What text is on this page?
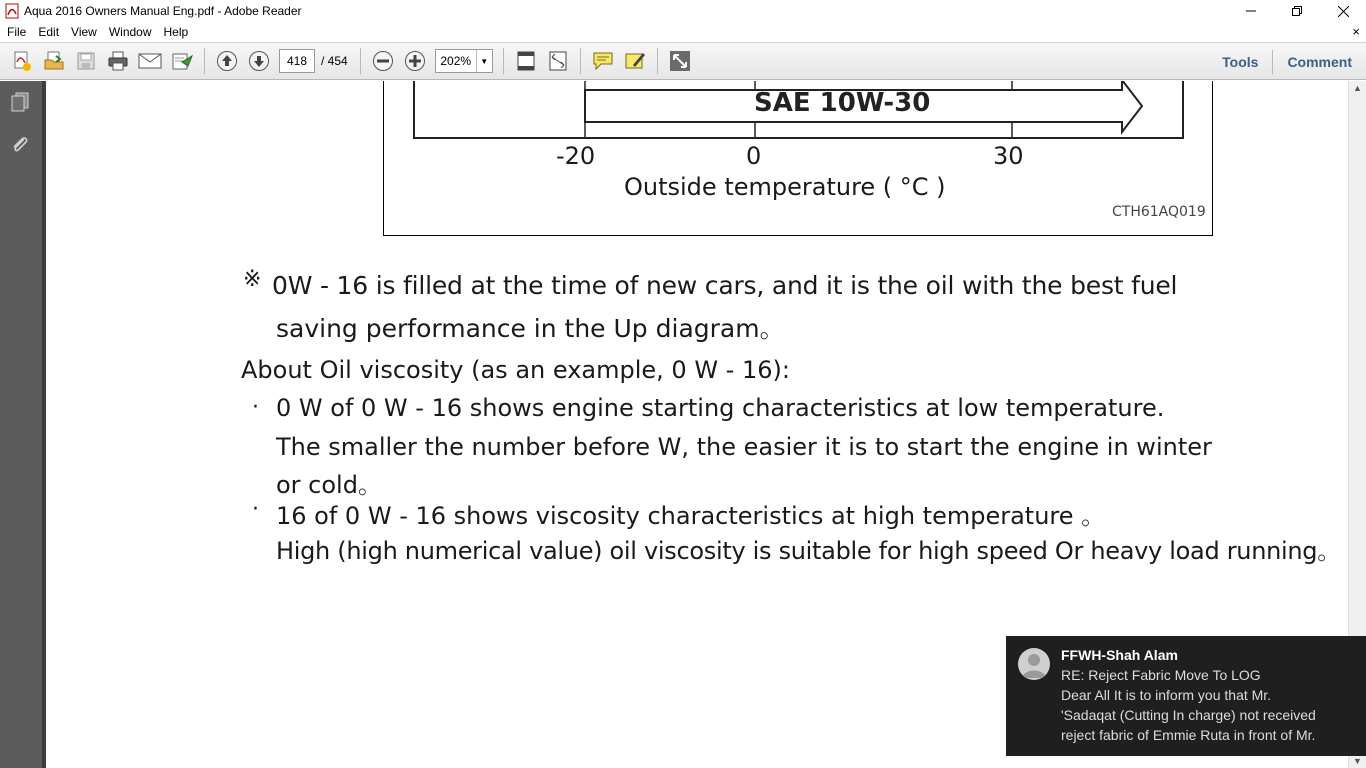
Aqua 2016 Owners Manual Eng.pdf - Adobe Reader
File	Edit	View	Window	Help	×
418	/ 454	202%	▼	Tools	Comment
SAE 10W-30
-20	0	30
Outside temperature ( °C )
CTH61AQ019
※ 0W - 16 is filled at the time of new cars, and it is the oil with the best fuel
saving performance in the Up diagram。
About Oil viscosity (as an example, 0 W - 16):
· 0 W of 0 W - 16 shows engine starting characteristics at low temperature.
The smaller the number before W, the easier it is to start the engine in winter
or cold。
· 16 of 0 W - 16 shows viscosity characteristics at high temperature 。
High (high numerical value) oil viscosity is suitable for high speed Or heavy load running。
▲
▼
FFWH-Shah Alam
RE: Reject Fabric Move To LOG
Dear All It is to inform you that Mr.
'Sadaqat (Cutting In charge) not received
reject fabric of Emmie Ruta in front of Mr.
